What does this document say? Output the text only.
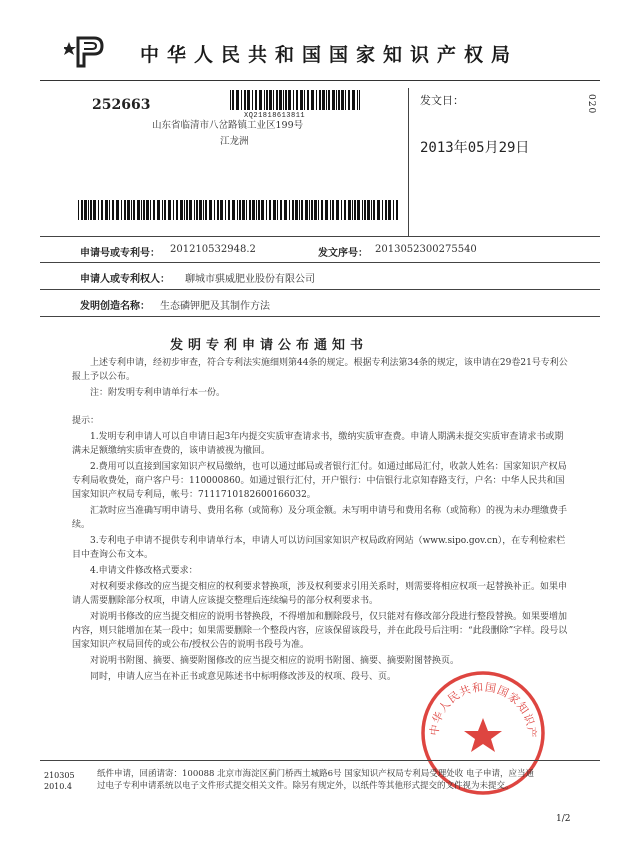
中华人民共和国国家知识产权局
252663
XQ21818613811
山东省临清市八岔路镇工业区199号
江龙洲
发文日：
2013年05月29日
020
申请号或专利号： 201210532948.2	发文序号： 2013052300275540
申请人或专利权人： 聊城市骐威肥业股份有限公司
发明创造名称： 生态磷钾肥及其制作方法
发明专利申请公布通知书

上述专利申请，经初步审查，符合专利法实施细则第44条的规定。根据专利法第34条的规定，该申请在29卷21号专利公报上予以公布。

注：附发明专利申请单行本一份。

提示：

1.发明专利申请人可以自申请日起3年内提交实质审查请求书，缴纳实质审查费。申请人期满未提交实质审查请求书或期满未足额缴纳实质审查费的，该申请被视为撤回。

2.费用可以直接到国家知识产权局缴纳，也可以通过邮局或者银行汇付。如通过邮局汇付，收款人姓名：国家知识产权局专利局收费处，商户客户号：110000860。如通过银行汇付，开户银行：中信银行北京知春路支行，户名：中华人民共和国国家知识产权局专利局，帐号：7111710182600166032。

汇款时应当准确写明申请号、费用名称（或简称）及分项金额。未写明申请号和费用名称（或简称）的视为未办理缴费手续。

3.专利电子申请不提供专利申请单行本，申请人可以访问国家知识产权局政府网站（www.sipo.gov.cn），在专利检索栏目中查询公布文本。

4.申请文件修改格式要求：

对权利要求修改的应当提交相应的权利要求替换项，涉及权利要求引用关系时，则需要将相应权项一起替换补正。如果申请人需要删除部分权项，申请人应该提交整理后连续编号的部分权利要求书。

对说明书修改的应当提交相应的说明书替换段，不得增加和删除段号，仅只能对有修改部分段进行整段替换。如果要增加内容，则只能增加在某一段中；如果需要删除一个整段内容，应该保留该段号，并在此段号后注明：“此段删除”字样。段号以国家知识产权局回传的或公布/授权公告的说明书段号为准。

对说明书附图、摘要、摘要附图修改的应当提交相应的说明书附图、摘要、摘要附图替换页。

同时，申请人应当在补正书或意见陈述书中标明修改涉及的权项、段号、页。

中华人民共和国国家知识产
210305
2010.4
纸件申请，回函请寄：100088 北京市海淀区蓟门桥西土城路6号 国家知识产权局专利局受理处收 电子申请，应当通过电子专利申请系统以电子文件形式提交相关文件。除另有规定外，以纸件等其他形式提交的文件视为未提交。
1/2
